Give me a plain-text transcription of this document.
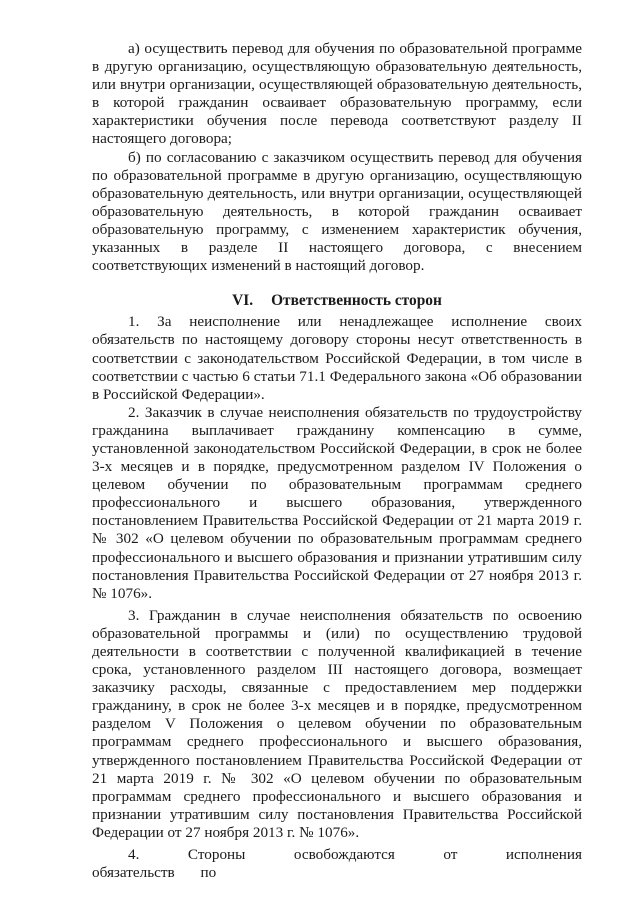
а) осуществить перевод для обучения по образовательной программе в другую организацию, осуществляющую образовательную деятельность, или внутри организации, осуществляющей образовательную деятельность, в которой гражданин осваивает образовательную программу, если характеристики обучения после перевода соответствуют разделу II настоящего договора;

б) по согласованию с заказчиком осуществить перевод для обучения по образовательной программе в другую организацию, осуществляющую образовательную деятельность, или внутри организации, осуществляющей образовательную деятельность, в которой гражданин осваивает образовательную программу, с изменением характеристик обучения, указанных в разделе II настоящего договора, с внесением соответствующих изменений в настоящий договор.

VI. Ответственность сторон

1. За неисполнение или ненадлежащее исполнение своих обязательств по настоящему договору стороны несут ответственность в соответствии с законодательством Российской Федерации, в том числе в соответствии с частью 6 статьи 71.1 Федерального закона «Об образовании в Российской Федерации».

2. Заказчик в случае неисполнения обязательств по трудоустройству гражданина выплачивает гражданину компенсацию в сумме, установленной законодательством Российской Федерации, в срок не более 3-х месяцев и в порядке, предусмотренном разделом IV Положения о целевом обучении по образовательным программам среднего профессионального и высшего образования, утвержденного постановлением Правительства Российской Федерации от 21 марта 2019 г. № 302 «О целевом обучении по образовательным программам среднего профессионального и высшего образования и признании утратившим силу постановления Правительства Российской Федерации от 27 ноября 2013 г. № 1076».

3. Гражданин в случае неисполнения обязательств по освоению образовательной программы и (или) по осуществлению трудовой деятельности в соответствии с полученной квалификацией в течение срока, установленного разделом III настоящего договора, возмещает заказчику расходы, связанные с предоставлением мер поддержки гражданину, в срок не более 3-х месяцев и в порядке, предусмотренном разделом V Положения о целевом обучении по образовательным программам среднего профессионального и высшего образования, утвержденного постановлением Правительства Российской Федерации от 21 марта 2019 г. № 302 «О целевом обучении по образовательным программам среднего профессионального и высшего образования и признании утратившим силу постановления Правительства Российской Федерации от 27 ноября 2013 г. № 1076».

4. Стороны освобождаются от исполнения обязательств по
